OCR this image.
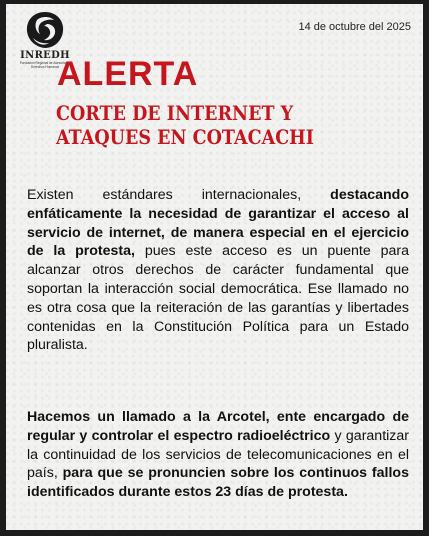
INREDH
Fundación Regional de Asesoría en Derechos Humanos
14 de octubre del 2025
ALERTA
CORTE DE INTERNET Y
ATAQUES EN COTACACHI
Existen estándares internacionales, destacando enfáticamente la necesidad de garantizar el acceso al servicio de internet, de manera especial en el ejercicio de la protesta, pues este acceso es un puente para alcanzar otros derechos de carácter fundamental que soportan la interacción social democrática. Ese llamado no es otra cosa que la reiteración de las garantías y libertades contenidas en la Constitución Política para un Estado pluralista.
Hacemos un llamado a la Arcotel, ente encargado de regular y controlar el espectro radioeléctrico y garantizar la continuidad de los servicios de telecomunicaciones en el país, para que se pronuncien sobre los continuos fallos identificados durante estos 23 días de protesta.
